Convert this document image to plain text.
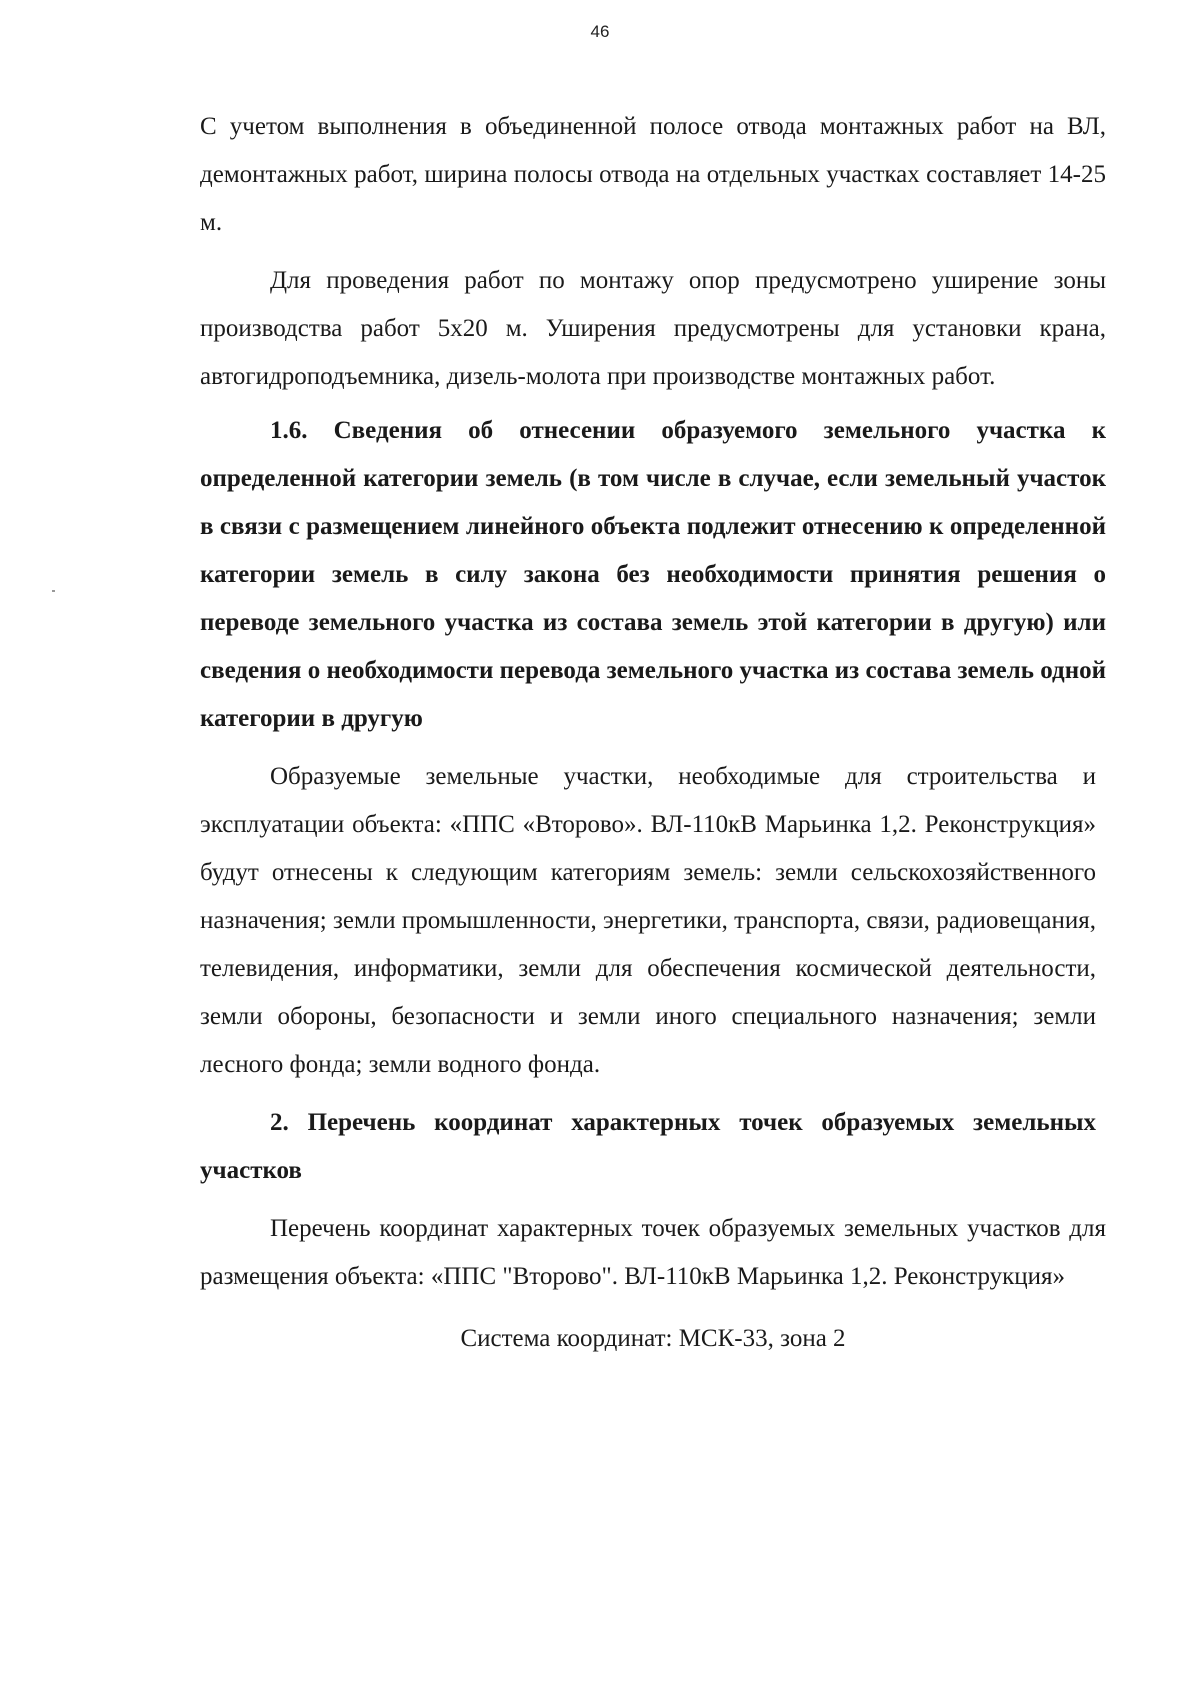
46

С учетом выполнения в объединенной полосе отвода монтажных работ на ВЛ, демонтажных работ, ширина полосы отвода на отдельных участках составляет 14-25 м.

Для проведения работ по монтажу опор предусмотрено уширение зоны производства работ 5х20 м. Уширения предусмотрены для установки крана, автогидроподъемника, дизель-молота при производстве монтажных работ.

1.6. Сведения об отнесении образуемого земельного участка к определенной категории земель (в том числе в случае, если земельный участок в связи с размещением линейного объекта подлежит отнесению к определенной категории земель в силу закона без необходимости принятия решения о переводе земельного участка из состава земель этой категории в другую) или сведения о необходимости перевода земельного участка из состава земель одной категории в другую

Образуемые земельные участки, необходимые для строительства и эксплуатации объекта: «ППС «Второво». ВЛ-110кВ Марьинка 1,2. Реконструкция» будут отнесены к следующим категориям земель: земли сельскохозяйственного назначения; земли промышленности, энергетики, транспорта, связи, радиовещания, телевидения, информатики, земли для обеспечения космической деятельности, земли обороны, безопасности и земли иного специального назначения; земли лесного фонда; земли водного фонда.

2. Перечень координат характерных точек образуемых земельных участков

Перечень координат характерных точек образуемых земельных участков для размещения объекта: «ППС "Второво". ВЛ-110кВ Марьинка 1,2. Реконструкция»

Система координат: МСК-33, зона 2
